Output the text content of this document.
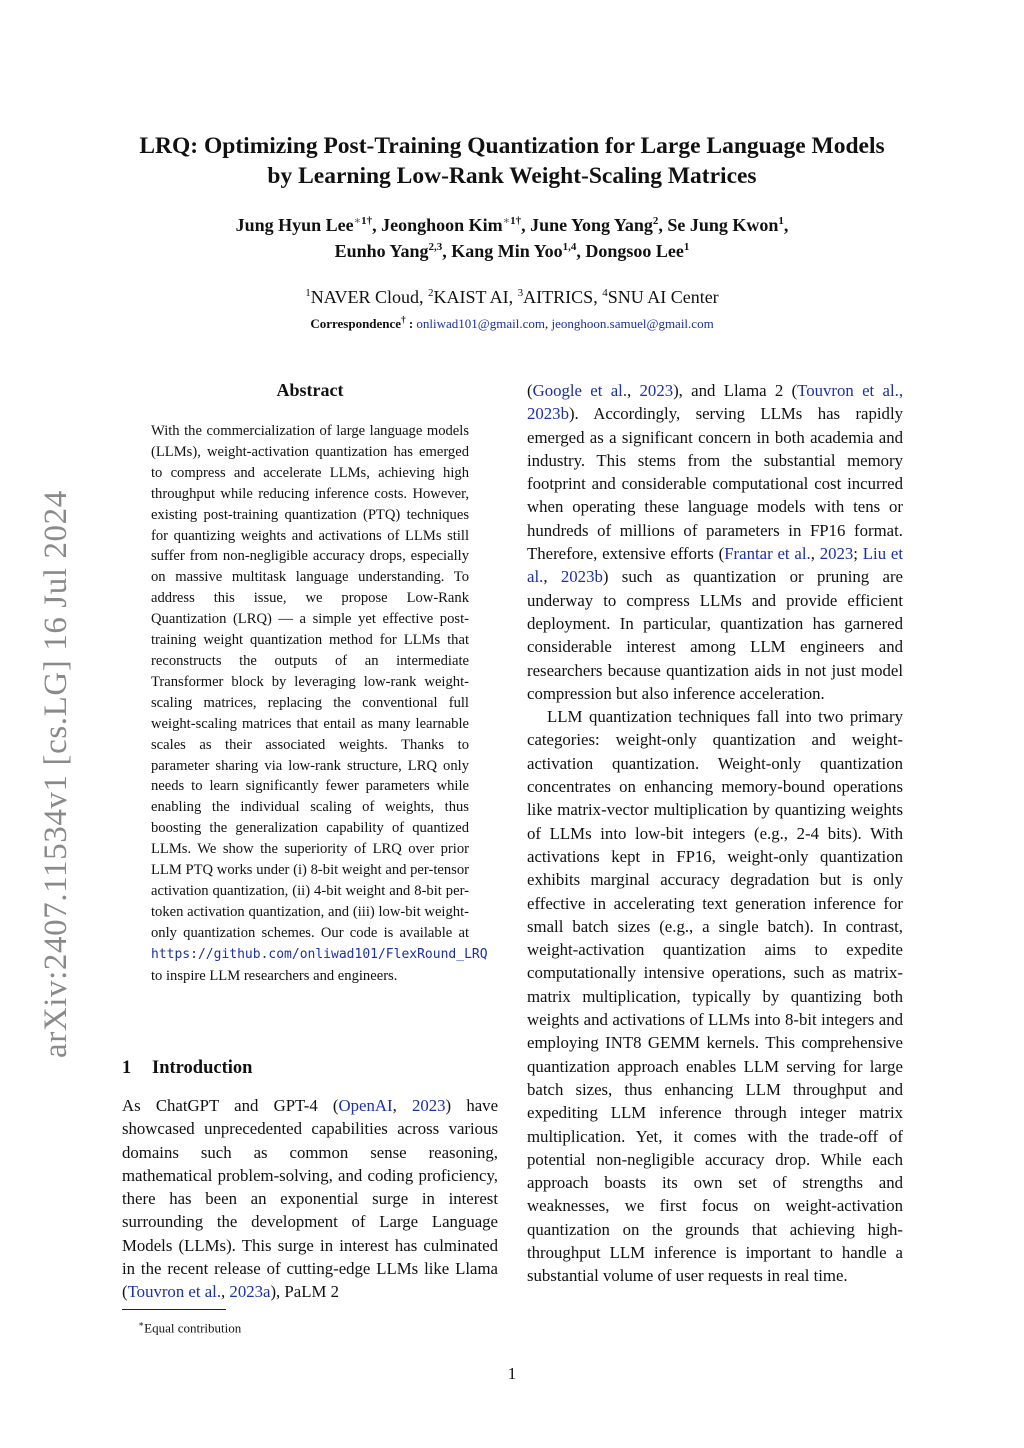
LRQ: Optimizing Post-Training Quantization for Large Language Models
by Learning Low-Rank Weight-Scaling Matrices
Jung Hyun Lee$^{∗1\dagger}$, Jeonghoon Kim$^{∗1\dagger}$, June Yong Yang$^2$, Se Jung Kwon$^1$,
Eunho Yang$^{2,3}$, Kang Min Yoo$^{1,4}$, Dongsoo Lee$^1$
$^1$NAVER Cloud, $^2$KAIST AI, $^3$AITRICS, $^4$SNU AI Center
Correspondence† : onliwad101@gmail.com, jeonghoon.samuel@gmail.com
arXiv:2407.11534v1 [cs.LG] 16 Jul 2024
Abstract
With the commercialization of large language models (LLMs), weight-activation quantization has emerged to compress and accelerate LLMs, achieving high throughput while reducing inference costs. However, existing post-training quantization (PTQ) techniques for quantizing weights and activations of LLMs still suffer from non-negligible accuracy drops, especially on massive multitask language understanding. To address this issue, we propose Low-Rank Quantization (LRQ) — a simple yet effective post-training weight quantization method for LLMs that reconstructs the outputs of an intermediate Transformer block by leveraging low-rank weight-scaling matrices, replacing the conventional full weight-scaling matrices that entail as many learnable scales as their associated weights. Thanks to parameter sharing via low-rank structure, LRQ only needs to learn significantly fewer parameters while enabling the individual scaling of weights, thus boosting the generalization capability of quantized LLMs. We show the superiority of LRQ over prior LLM PTQ works under (i) 8-bit weight and per-tensor activation quantization, (ii) 4-bit weight and 8-bit per-token activation quantization, and (iii) low-bit weight-only quantization schemes. Our code is available at https://github.com/onliwad101/FlexRound_LRQ to inspire LLM researchers and engineers.
1 Introduction
As ChatGPT and GPT-4 (OpenAI, 2023) have showcased unprecedented capabilities across various domains such as common sense reasoning, mathematical problem-solving, and coding proficiency, there has been an exponential surge in interest surrounding the development of Large Language Models (LLMs). This surge in interest has culminated in the recent release of cutting-edge LLMs like Llama (Touvron et al., 2023a), PaLM 2
∗Equal contribution

(Google et al., 2023), and Llama 2 (Touvron et al., 2023b). Accordingly, serving LLMs has rapidly emerged as a significant concern in both academia and industry. This stems from the substantial memory footprint and considerable computational cost incurred when operating these language models with tens or hundreds of millions of parameters in FP16 format. Therefore, extensive efforts (Frantar et al., 2023; Liu et al., 2023b) such as quantization or pruning are underway to compress LLMs and provide efficient deployment. In particular, quantization has garnered considerable interest among LLM engineers and researchers because quantization aids in not just model compression but also inference acceleration.

LLM quantization techniques fall into two primary categories: weight-only quantization and weight-activation quantization. Weight-only quantization concentrates on enhancing memory-bound operations like matrix-vector multiplication by quantizing weights of LLMs into low-bit integers (e.g., 2-4 bits). With activations kept in FP16, weight-only quantization exhibits marginal accuracy degradation but is only effective in accelerating text generation inference for small batch sizes (e.g., a single batch). In contrast, weight-activation quantization aims to expedite computationally intensive operations, such as matrix-matrix multiplication, typically by quantizing both weights and activations of LLMs into 8-bit integers and employing INT8 GEMM kernels. This comprehensive quantization approach enables LLM serving for large batch sizes, thus enhancing LLM throughput and expediting LLM inference through integer matrix multiplication. Yet, it comes with the trade-off of potential non-negligible accuracy drop. While each approach boasts its own set of strengths and weaknesses, we first focus on weight-activation quantization on the grounds that achieving high-throughput LLM inference is important to handle a substantial volume of user requests in real time.

1
